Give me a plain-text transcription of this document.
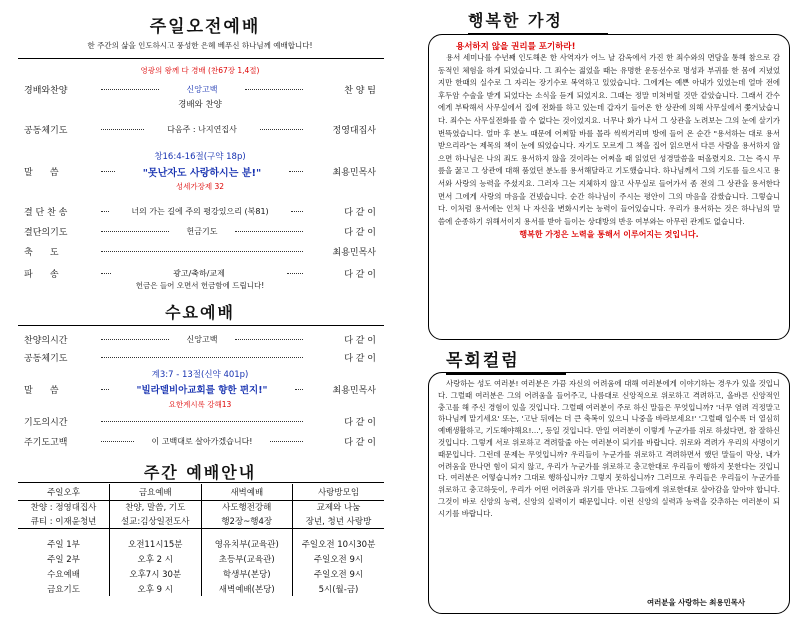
주일오전예배
한 주간의 삶을 인도하시고 풍성한 은혜 베푸신 하나님께 예배합니다!
영광의 왕께 다 경배 (찬67장 1,4절)
경배와찬양	신앙고백	찬 양 팀
경배와 찬양
공동체기도	다음주 : 나지연집사	정영대집사
창16:4-16절(구약 18p)
말      씀	"못난자도 사랑하시는 분!"	최용민목사
성세가장제 32
결 단 찬 송	너의 가는 길에 주의 평강있으리 (복81)	다 같 이
결단의기도	헌금기도	다 같 이
축      도	최용민목사
파      송	광고/축하/교제	다 같 이
헌금은 들어 오면서 헌금함에 드립니다!
수요예배
찬양의시간	신앙고백	다 같 이
공동체기도	다 같 이
계3:7 - 13절(신약 401p)
말      씀	"빌라델비아교회를 향한 편지!"	최용민목사
요한계시록 강해13
기도의시간	다 같 이
주기도고백	이 고백대로 살아가겠습니다!	다 같 이
주간 예배안내
주일오후	금요예배	새벽예배	사랑방모임
찬양 : 정영대집사	찬양, 말씀, 기도	사도행전강해	교제와 나눔
큐티 : 이재윤청년	설교:김상일전도사	행2장~행4장	장년, 청년 사랑방

주일 1부	오전11시15분	영유치부(교육관)	주일오전 10시30분
주일 2부	오후 2 시	초등부(교육관)	주일오전 9시
수요예배	오후7시 30분	학생부(본당)	주일오전 9시
금요기도	오후 9 시	새벽예배(본당)	5시(월-금)
행복한 가정
용서하지 않을 권리를 포기하라!
용서 세미나를 수년째 인도해온 한 사역자가 어느 날 감옥에서 가진 한 죄수와의 면담을 통해 참으로 감동적인 체험을 하게 되었습니다. 그 죄수는 젊었을 때는 유명한 운동선수로 명성과 부귀를 한 몸에 지녔었지만 한때의 실수로 그 자리는 장기수로 복역하고 있었습니다. 그에게는 예쁜 아내가 있었는데 얼마 전에 후두암 수술을 받게 되었다는 소식을 듣게 되었지요. 그때는 정말 미쳐버릴 것만 같았습니다. 그래서 간수에게 부탁해서 사무실에서 집에 전화를 하고 있는데 갑자기 들어온 한 상관에 의해 사무실에서 쫓겨났습니다. 죄수는 사무실전화를 쓸 수 없다는 것이었지요. 너무나 화가 나서 그 상관을 노려보는 그의 눈에 살기가 번뜩였습니다. 얼마 후 분노 때문에 어쩌할 바를 몰라 씩씩거리며 방에 들어 온 순간 "용서하는 대로 용서 받으리라"는 제목의 책이 눈에 띄었습니다. 자기도 모르게 그 책을 집어 읽으면서 다른 사람을 용서하지 않으면 하나님은 나의 죄도 용서하지 않을 것이라는 어쩌을 때 읽었던 성경말씀을 떠올렸지요. 그는 즉시 무릎을 꿇고 그 상관에 대해 품었던 분노를 용서해달라고 기도했습니다. 하나님께서 그의 기도를 들으시고 용서와 사랑의 능력을 주셨지요. 그러자 그는 지체하지 않고 사무실로 들어가서 좀 전의 그 상관을 용서한다면서 그에게 사랑의 마음을 건넸습니다. 순간 하나님이 주시는 평안이 그의 마음을 감쌌습니다. 그렇습니다. 이처럼 용서에는 인처 나 자신을 변화시키는 능력이 들어있습니다. 우리가 용서하는 것은 하나님의 말씀에 순종하기 위해서이지 용서를 받아 들이는 상대방의 반응 여부와는 아무런 관계도 없습니다.
행복한 가정은 노력을 통해서 이루어지는 것입니다.
목회컬럼
사랑하는 성도 여러분! 여러분은 가끔 자신의 어려움에 대해 여러분에게 이야기하는 경우가 있을 것입니다. 그럴때 여러분은 그의 어려움을 들어주고, 나름대로 신앙적으로 위로하고 격려하고, 올바른 신앙적인 충고를 해 주신 경험이 있을 것입니다. 그럴때 여러분이 주로 하신 말들은 무엇입니까? '너무 염려 걱정말고 하나님께 맡기세요' 또는, '고난 뒤에는 더 큰 축복이 있으니 나중을 바라보세요!' '그럴때 일수록 더 열심히 예배생활하고, 기도해야해요!...', 등일 것입니다. 만일 여러분이 이렇게 누군가를 위로 하셨다면, 참 잘하신 것입니다. 그렇게 서로 위로하고 격려할줄 아는 여러분이 되기를 바랍니다. 위로와 격려가 우리의 사명이기 때문입니다. 그런데 문제는 무엇입니까? 우리들이 누군가를 위로하고 격려하면서 했던 말들이 막상, 내가 어려움을 만나면 힘이 되지 않고, 우리가 누군가를 위로하고 충고한대로 우리들이 행하지 못한다는 것입니다. 여러분은 어떻습니까? 그대로 행하십니까? 그렇지 못하십니까? 그러므로 우리들은 우리들이 누군가를 위로하고 충고하듯이, 우리가 어떤 어려움과 위기를 만나도 그들에게 위로한대로 살아감을 알아야 합니다. 그것이 바로 신앙의 능력, 신앙의 실력이기 때문입니다. 이런 신앙의 실력과 능력을 갖추하는 여러분이 되시기를 바랍니다.
여러분을 사랑하는 최용민목사
